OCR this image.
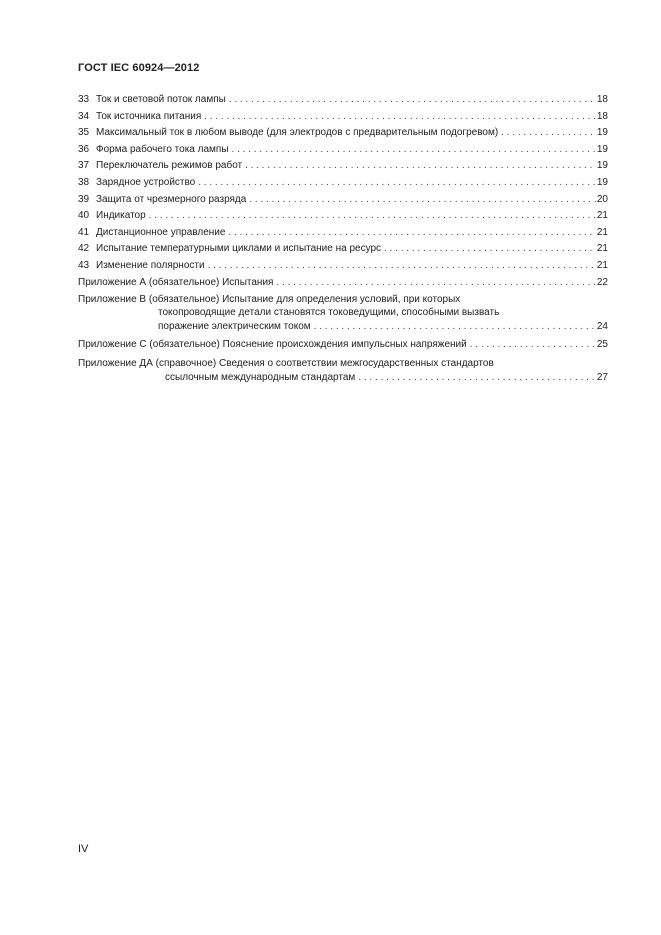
ГОСТ IEC 60924—2012
33 Ток и световой поток лампы . . .	18
34 Ток источника питания . . .	18
35 Максимальный ток в любом выводе (для электродов с предварительным подогревом) . . .	19
36 Форма рабочего тока лампы . . .	19
37 Переключатель режимов работ . . .	19
38 Зарядное устройство . . .	19
39 Защита от чрезмерного разряда . . .	20
40 Индикатор . . .	21
41 Дистанционное управление . . .	21
42 Испытание температурными циклами и испытание на ресурс . . .	21
43 Изменение полярности . . .	21
Приложение А (обязательное) Испытания . . .	22
Приложение В (обязательное) Испытание для определения условий, при которых
токопроводящие детали становятся токоведущими, способными вызвать
поражение электрическим током . . .	24
Приложение С (обязательное) Пояснение происхождения импульсных напряжений . . .	25
Приложение ДА (справочное) Сведения о соответствии межгосударственных стандартов
ссылочным международным стандартам . . .	27
IV
